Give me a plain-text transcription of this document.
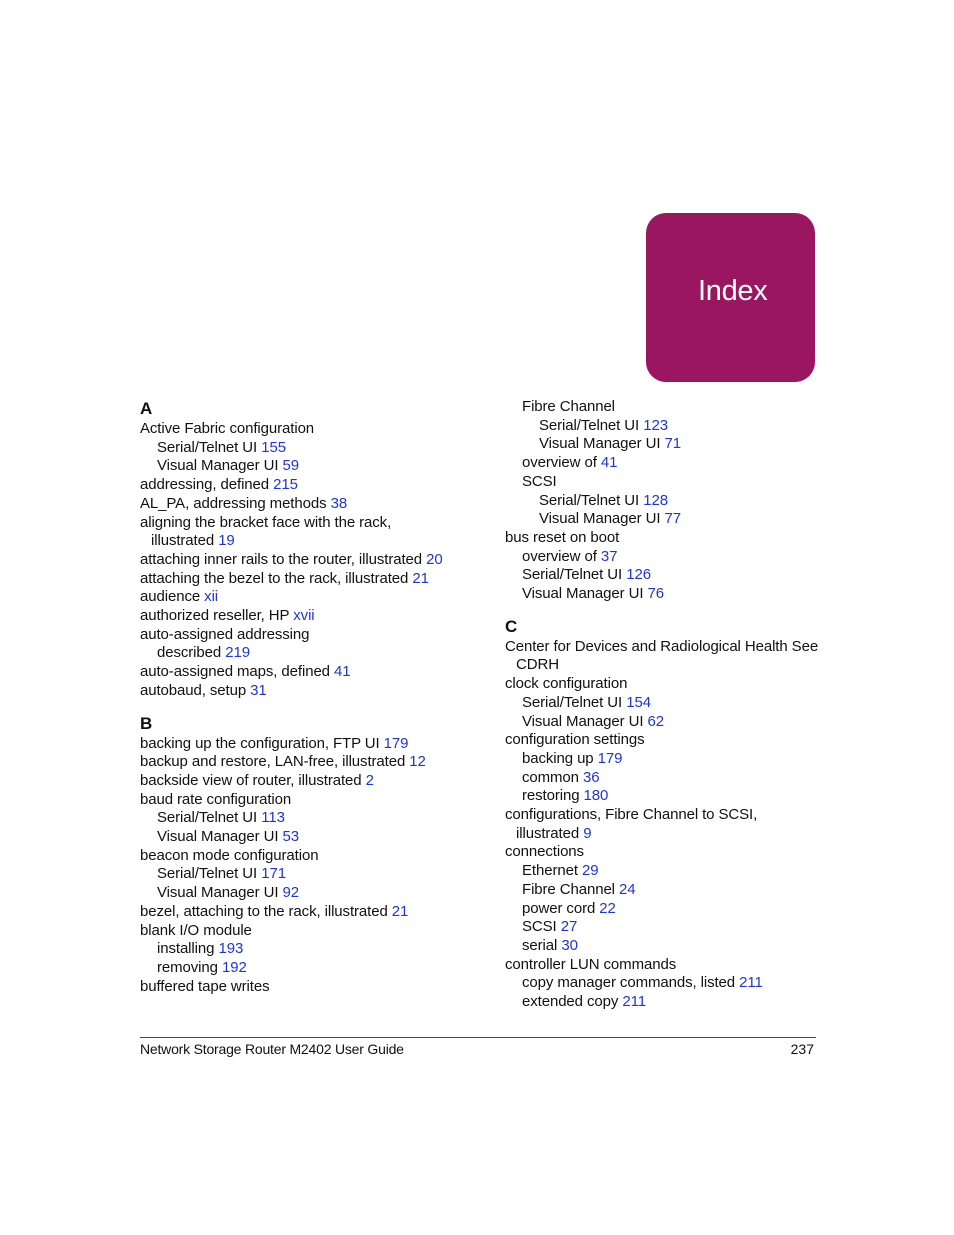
Index
A
Active Fabric configuration
Serial/Telnet UI 155
Visual Manager UI 59
addressing, defined 215
AL_PA, addressing methods 38
aligning the bracket face with the rack,
illustrated 19
attaching inner rails to the router, illustrated 20
attaching the bezel to the rack, illustrated 21
audience xii
authorized reseller, HP xvii
auto-assigned addressing
described 219
auto-assigned maps, defined 41
autobaud, setup 31
B
backing up the configuration, FTP UI 179
backup and restore, LAN-free, illustrated 12
backside view of router, illustrated 2
baud rate configuration
Serial/Telnet UI 113
Visual Manager UI 53
beacon mode configuration
Serial/Telnet UI 171
Visual Manager UI 92
bezel, attaching to the rack, illustrated 21
blank I/O module
installing 193
removing 192
buffered tape writes
Fibre Channel
Serial/Telnet UI 123
Visual Manager UI 71
overview of 41
SCSI
Serial/Telnet UI 128
Visual Manager UI 77
bus reset on boot
overview of 37
Serial/Telnet UI 126
Visual Manager UI 76
C
Center for Devices and Radiological Health See
CDRH
clock configuration
Serial/Telnet UI 154
Visual Manager UI 62
configuration settings
backing up 179
common 36
restoring 180
configurations, Fibre Channel to SCSI,
illustrated 9
connections
Ethernet 29
Fibre Channel 24
power cord 22
SCSI 27
serial 30
controller LUN commands
copy manager commands, listed 211
extended copy 211
Network Storage Router M2402 User Guide	237
